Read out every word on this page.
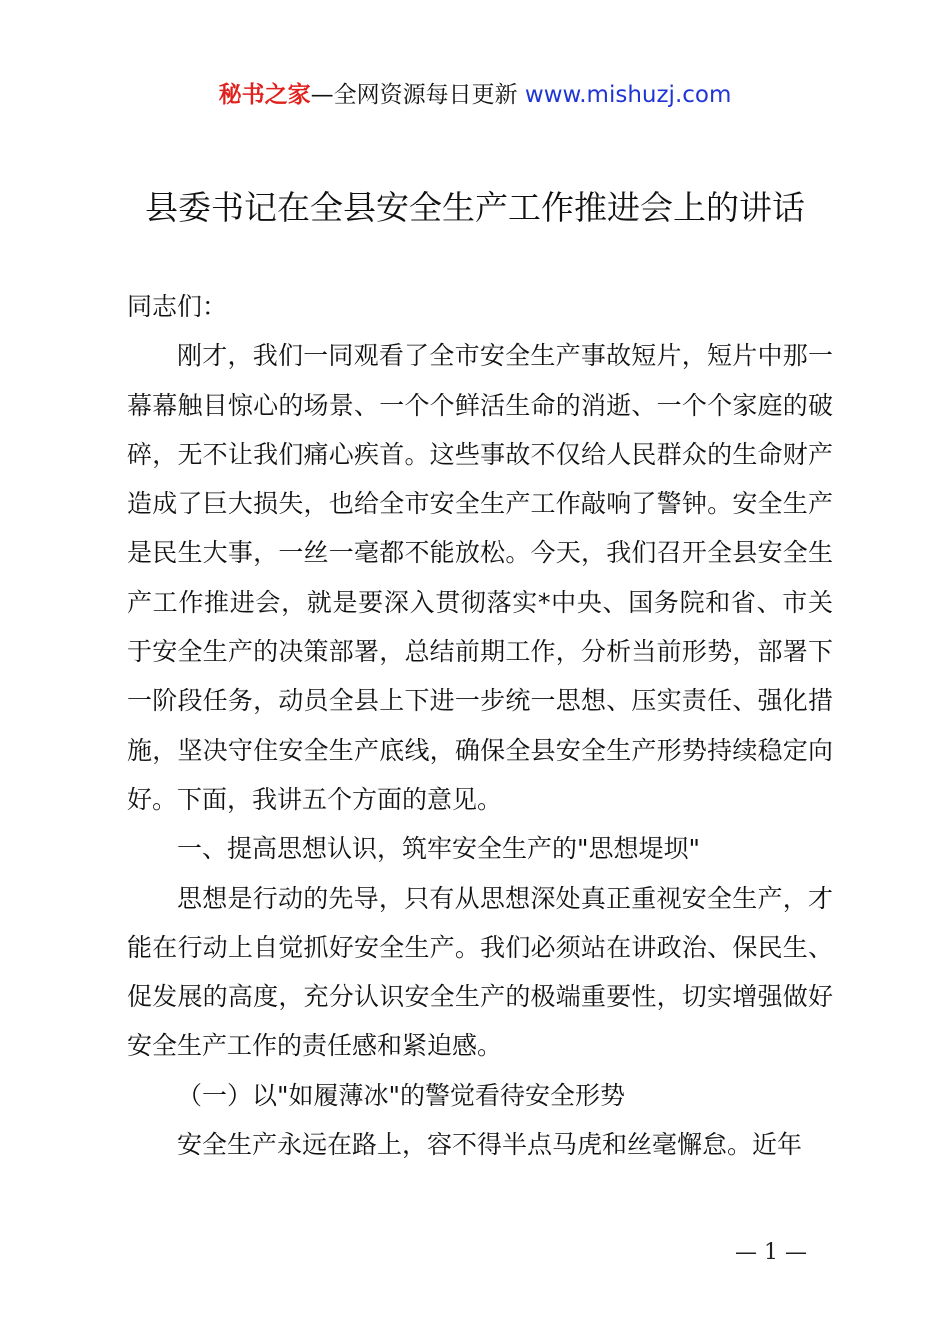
秘书之家—全网资源每日更新 www.mishuzj.com
县委书记在全县安全生产工作推进会上的讲话

同志们：

刚才，我们一同观看了全市安全生产事故短片，短片中那一幕幕触目惊心的场景、一个个鲜活生命的消逝、一个个家庭的破碎，无不让我们痛心疾首。这些事故不仅给人民群众的生命财产造成了巨大损失，也给全市安全生产工作敲响了警钟。安全生产是民生大事，一丝一毫都不能放松。今天，我们召开全县安全生产工作推进会，就是要深入贯彻落实*中央、国务院和省、市关于安全生产的决策部署，总结前期工作，分析当前形势，部署下一阶段任务，动员全县上下进一步统一思想、压实责任、强化措施，坚决守住安全生产底线，确保全县安全生产形势持续稳定向好。下面，我讲五个方面的意见。

一、提高思想认识，筑牢安全生产的"思想堤坝"

思想是行动的先导，只有从思想深处真正重视安全生产，才能在行动上自觉抓好安全生产。我们必须站在讲政治、保民生、促发展的高度，充分认识安全生产的极端重要性，切实增强做好安全生产工作的责任感和紧迫感。

（一）以"如履薄冰"的警觉看待安全形势

安全生产永远在路上，容不得半点马虎和丝毫懈怠。近年

— 1 —
